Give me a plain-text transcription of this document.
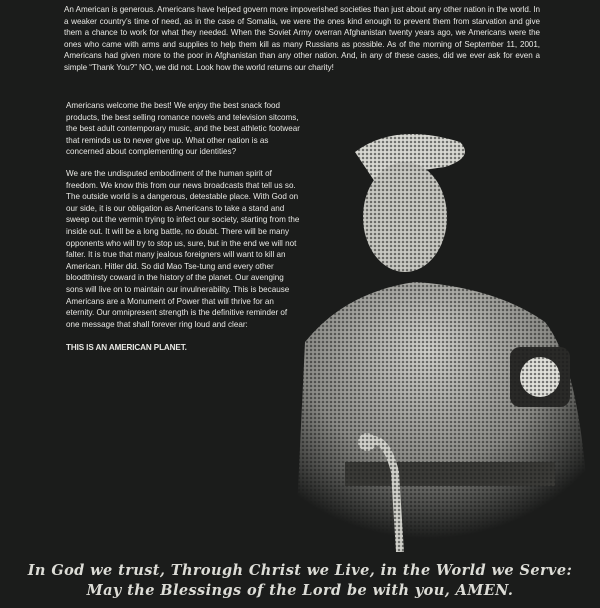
An American is generous. Americans have helped govern more impoverished societies than just about any other nation in the world. In a weaker country’s time of need, as in the case of Somalia, we were the ones kind enough to prevent them from starvation and give them a chance to work for what they needed. When the Soviet Army overran Afghanistan twenty years ago, we Americans were the ones who came with arms and supplies to help them kill as many Russians as possible. As of the morning of September 11, 2001, Americans had given more to the poor in Afghanistan than any other nation. And, in any of these cases, did we ever ask for even a simple “Thank You?” NO, we did not. Look how the world returns our charity!

Americans welcome the best! We enjoy the best snack food products, the best selling romance novels and television sitcoms, the best adult contemporary music, and the best athletic footwear that reminds us to never give up. What other nation is as concerned about complementing our identities?

We are the undisputed embodiment of the human spirit of freedom. We know this from our news broadcasts that tell us so. The outside world is a dangerous, detestable place. With God on our side, it is our obligation as Americans to take a stand and sweep out the vermin trying to infect our society, starting from the inside out. It will be a long battle, no doubt. There will be many opponents who will try to stop us, sure, but in the end we will not falter. It is true that many jealous foreigners will want to kill an American. Hitler did. So did Mao Tse-tung and every other bloodthirsty coward in the history of the planet. Our avenging sons will live on to maintain our invulnerability. This is because Americans are a Monument of Power that will thrive for an eternity. Our omnipresent strength is the definitive reminder of one message that shall forever ring loud and clear:

THIS IS AN AMERICAN PLANET.
In God we trust, Through Christ we Live, in the World we Serve:
May the Blessings of the Lord be with you, AMEN.
